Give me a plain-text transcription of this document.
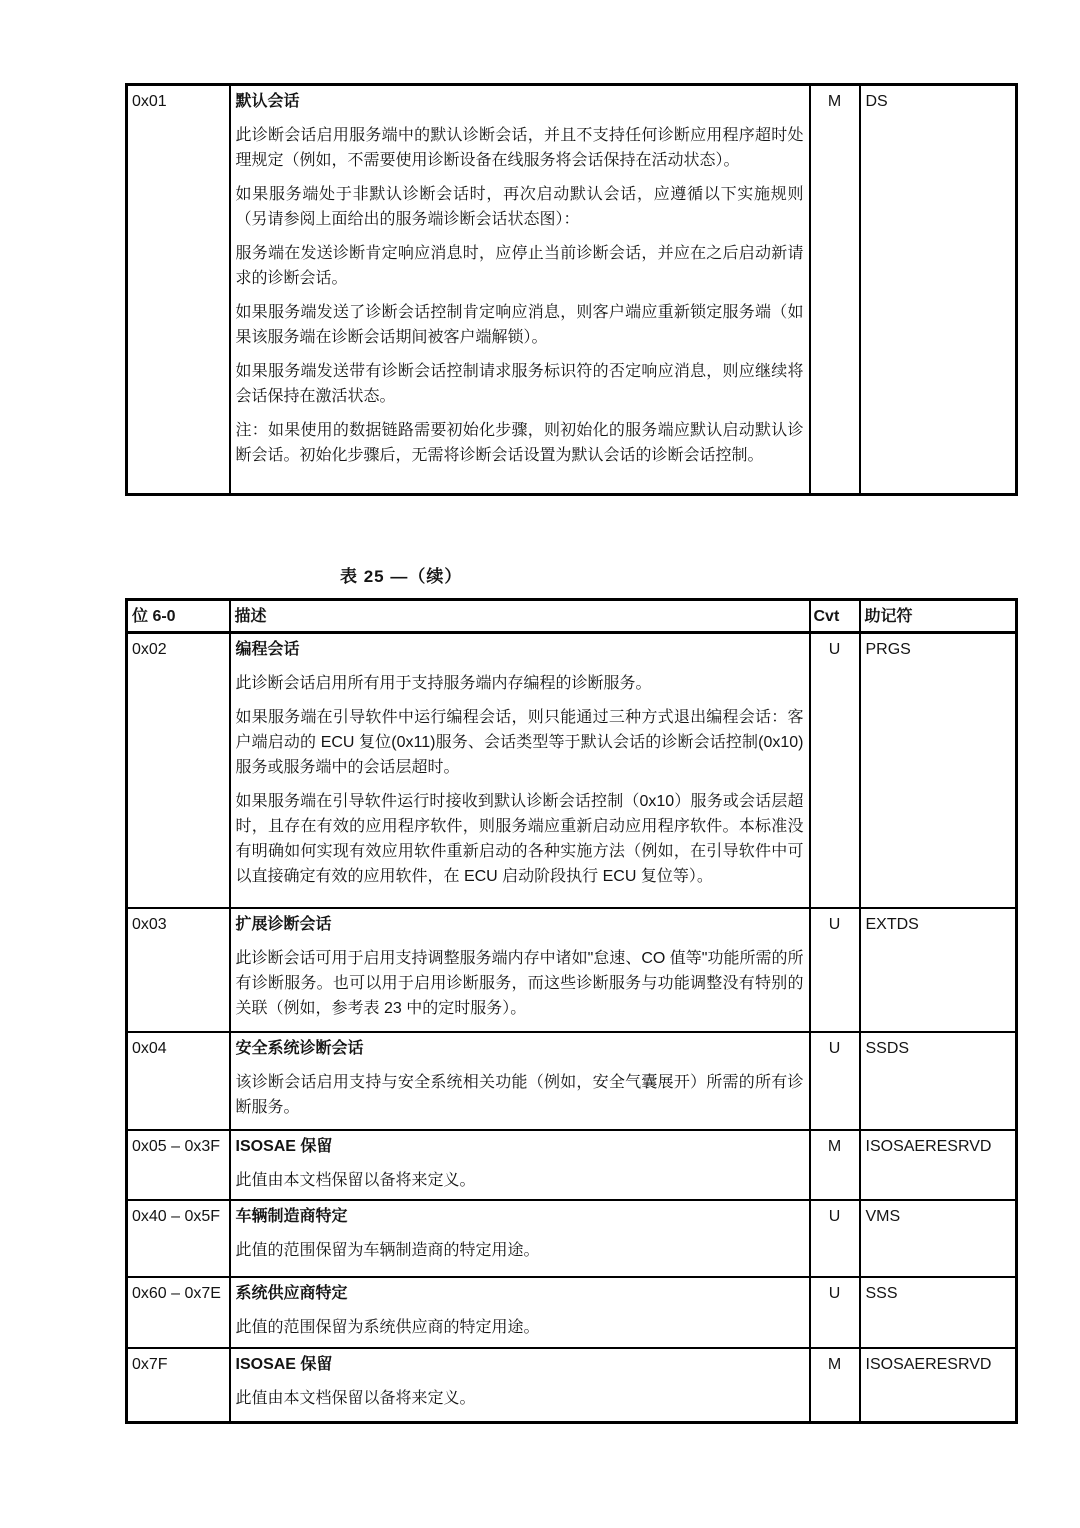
0x01	默认会话

此诊断会话启用服务端中的默认诊断会话，并且不支持任何诊断应用程序超时处理规定（例如，不需要使用诊断设备在线服务将会话保持在活动状态）。

如果服务端处于非默认诊断会话时，再次启动默认会话，应遵循以下实施规则（另请参阅上面给出的服务端诊断会话状态图）：

服务端在发送诊断肯定响应消息时，应停止当前诊断会话，并应在之后启动新请求的诊断会话。

如果服务端发送了诊断会话控制肯定响应消息，则客户端应重新锁定服务端（如果该服务端在诊断会话期间被客户端解锁）。

如果服务端发送带有诊断会话控制请求服务标识符的否定响应消息，则应继续将会话保持在激活状态。

注：如果使用的数据链路需要初始化步骤，则初始化的服务端应默认启动默认诊断会话。初始化步骤后，无需将诊断会话设置为默认会话的诊断会话控制。

	M	DS
表 25 —（续）
位 6-0	描述	Cvt	助记符
0x02	编程会话

此诊断会话启用所有用于支持服务端内存编程的诊断服务。

如果服务端在引导软件中运行编程会话，则只能通过三种方式退出编程会话：客户端启动的 ECU 复位(0x11)服务、会话类型等于默认会话的诊断会话控制(0x10)服务或服务端中的会话层超时。

如果服务端在引导软件运行时接收到默认诊断会话控制（0x10）服务或会话层超时，且存在有效的应用程序软件，则服务端应重新启动应用程序软件。本标准没有明确如何实现有效应用软件重新启动的各种实施方法（例如，在引导软件中可以直接确定有效的应用软件，在 ECU 启动阶段执行 ECU 复位等）。	U	PRGS
0x03	扩展诊断会话

此诊断会话可用于启用支持调整服务端内存中诸如"怠速、CO 值等"功能所需的所有诊断服务。也可以用于启用诊断服务，而这些诊断服务与功能调整没有特别的关联（例如，参考表 23 中的定时服务）。	U	EXTDS
0x04	安全系统诊断会话

该诊断会话启用支持与安全系统相关功能（例如，安全气囊展开）所需的所有诊断服务。	U	SSDS
0x05 – 0x3F	ISOSAE 保留

此值由本文档保留以备将来定义。	M	ISOSAERESRVD
0x40 – 0x5F	车辆制造商特定

此值的范围保留为车辆制造商的特定用途。	U	VMS
0x60 – 0x7E	系统供应商特定

此值的范围保留为系统供应商的特定用途。	U	SSS
0x7F	ISOSAE 保留

此值由本文档保留以备将来定义。	M	ISOSAERESRVD
